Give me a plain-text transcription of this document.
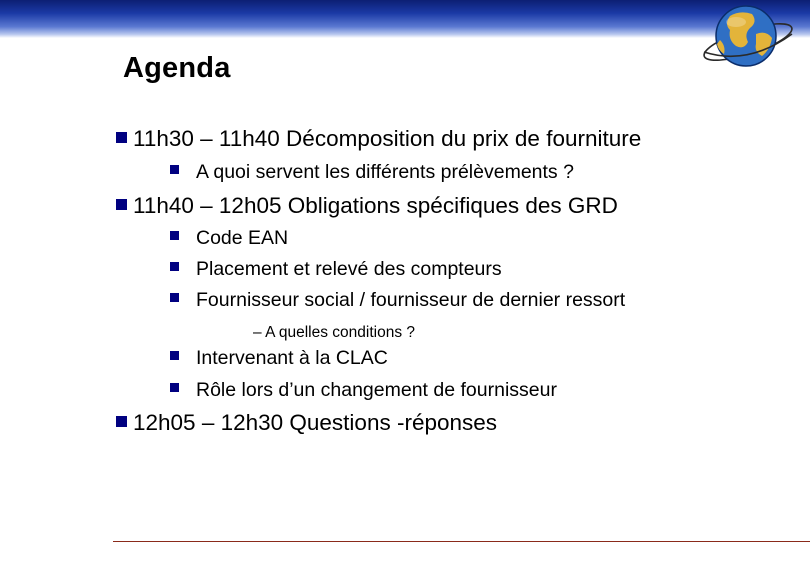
Agenda
11h30 – 11h40 Décomposition du prix de fourniture
A quoi servent les différents prélèvements ?
11h40 – 12h05 Obligations spécifiques des GRD
Code EAN
Placement et relevé des compteurs
Fournisseur social / fournisseur de dernier ressort
– A quelles conditions ?
Intervenant à la CLAC
Rôle lors d’un changement de fournisseur
12h05 – 12h30 Questions -réponses
